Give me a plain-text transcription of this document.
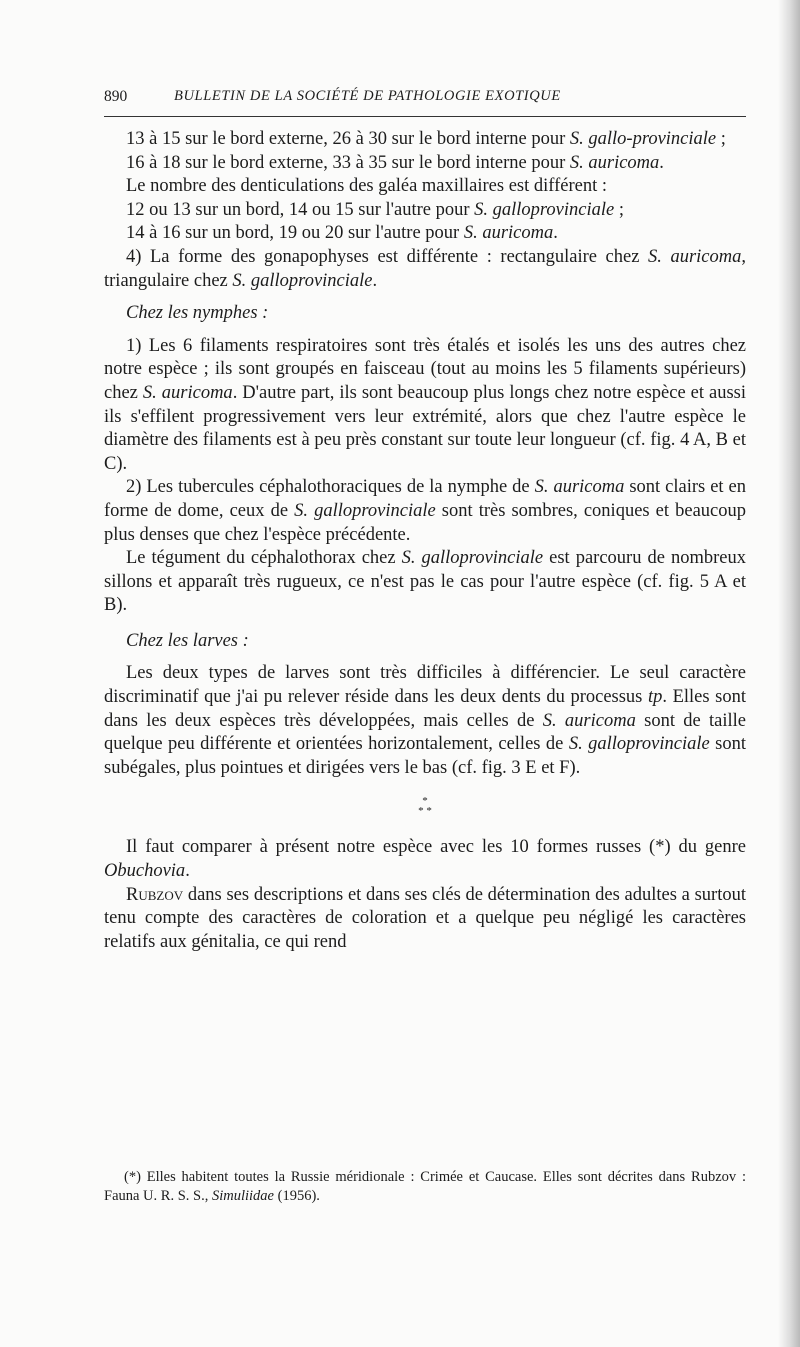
890	BULLETIN DE LA SOCIÉTÉ DE PATHOLOGIE EXOTIQUE

13 à 15 sur le bord externe, 26 à 30 sur le bord interne pour S. gallo-provinciale ;

16 à 18 sur le bord externe, 33 à 35 sur le bord interne pour S. auricoma.

Le nombre des denticulations des galéa maxillaires est différent :

12 ou 13 sur un bord, 14 ou 15 sur l'autre pour S. galloprovinciale ;

14 à 16 sur un bord, 19 ou 20 sur l'autre pour S. auricoma.

4) La forme des gonapophyses est différente : rectangulaire chez S. auricoma, triangulaire chez S. galloprovinciale.

Chez les nymphes :

1) Les 6 filaments respiratoires sont très étalés et isolés les uns des autres chez notre espèce ; ils sont groupés en faisceau (tout au moins les 5 filaments supérieurs) chez S. auricoma. D'autre part, ils sont beaucoup plus longs chez notre espèce et aussi ils s'effilent progressivement vers leur extrémité, alors que chez l'autre espèce le diamètre des filaments est à peu près constant sur toute leur longueur (cf. fig. 4 A, B et C).

2) Les tubercules céphalothoraciques de la nymphe de S. auricoma sont clairs et en forme de dome, ceux de S. galloprovinciale sont très sombres, coniques et beaucoup plus denses que chez l'espèce précédente.

Le tégument du céphalothorax chez S. galloprovinciale est parcouru de nombreux sillons et apparaît très rugueux, ce n'est pas le cas pour l'autre espèce (cf. fig. 5 A et B).

Chez les larves :

Les deux types de larves sont très difficiles à différencier. Le seul caractère discriminatif que j'ai pu relever réside dans les deux dents du processus tp. Elles sont dans les deux espèces très développées, mais celles de S. auricoma sont de taille quelque peu différente et orientées horizontalement, celles de S. galloprovinciale sont subégales, plus pointues et dirigées vers le bas (cf. fig. 3 E et F).

*
* *

Il faut comparer à présent notre espèce avec les 10 formes russes (*) du genre Obuchovia.

Rubzov dans ses descriptions et dans ses clés de détermination des adultes a surtout tenu compte des caractères de coloration et a quelque peu négligé les caractères relatifs aux génitalia, ce qui rend

(*) Elles habitent toutes la Russie méridionale : Crimée et Caucase. Elles sont décrites dans Rubzov : Fauna U. R. S. S., Simuliidae (1956).
